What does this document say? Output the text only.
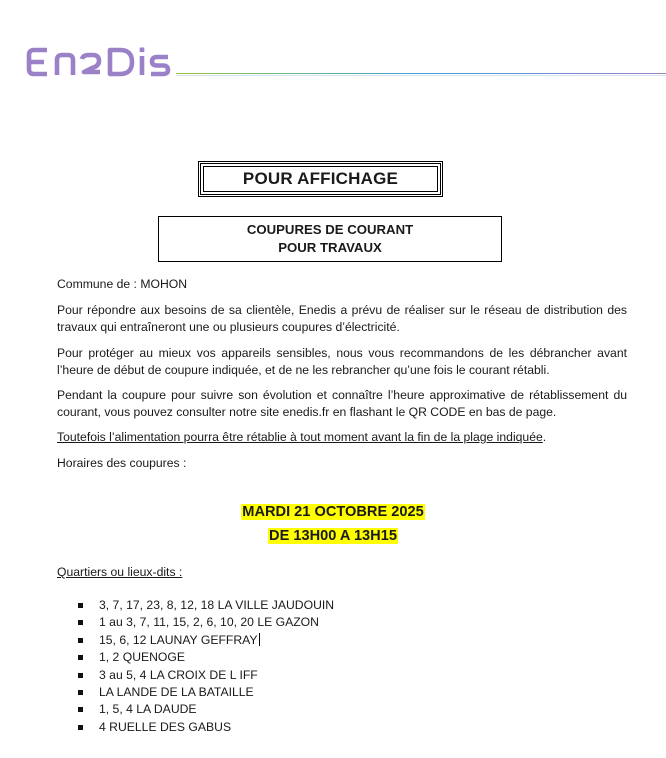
POUR AFFICHAGE
COUPURES DE COURANT
POUR TRAVAUX
Commune de : MOHON
Pour répondre aux besoins de sa clientèle, Enedis a prévu de réaliser sur le réseau de distribution des travaux qui entraîneront une ou plusieurs coupures d’électricité.
Pour protéger au mieux vos appareils sensibles, nous vous recommandons de les débrancher avant l’heure de début de coupure indiquée, et de ne les rebrancher qu’une fois le courant rétabli.
Pendant la coupure pour suivre son évolution et connaître l’heure approximative de rétablissement du courant, vous pouvez consulter notre site enedis.fr en flashant le QR CODE en bas de page.
Toutefois l’alimentation pourra être rétablie à tout moment avant la fin de la plage indiquée.
Horaires des coupures :
MARDI 21 OCTOBRE 2025
DE 13H00 A 13H15
Quartiers ou lieux-dits :
3, 7, 17, 23, 8, 12, 18 LA VILLE JAUDOUIN
1 au 3, 7, 11, 15, 2, 6, 10, 20 LE GAZON
15, 6, 12 LAUNAY GEFFRAY
1, 2 QUENOGE
3 au 5, 4 LA CROIX DE L IFF
LA LANDE DE LA BATAILLE
1, 5, 4 LA DAUDE
4 RUELLE DES GABUS
